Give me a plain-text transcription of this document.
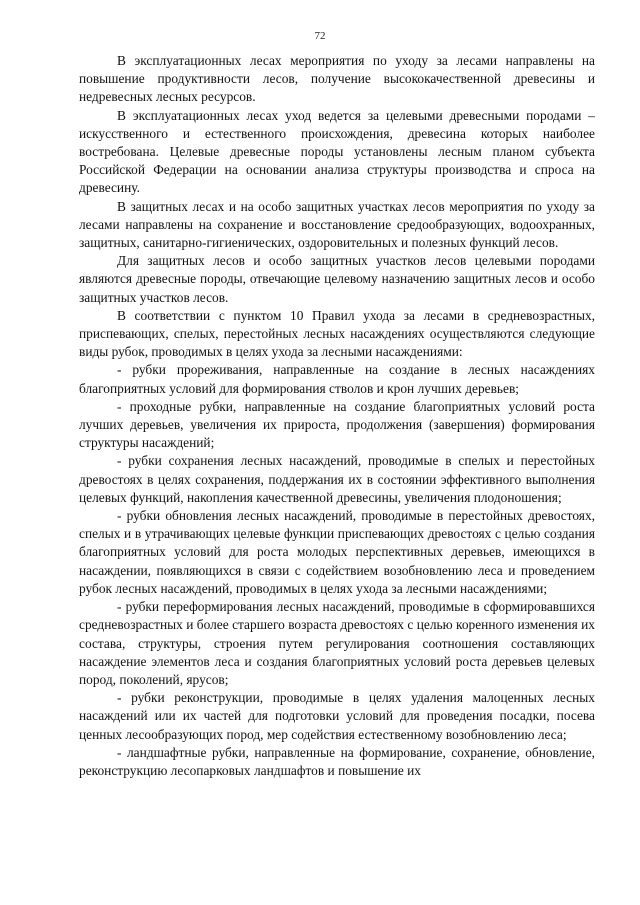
72

В эксплуатационных лесах мероприятия по уходу за лесами направлены на повышение продуктивности лесов, получение высококачественной древесины и недревесных лесных ресурсов.

В эксплуатационных лесах уход ведется за целевыми древесными породами – искусственного и естественного происхождения, древесина которых наиболее востребована. Целевые древесные породы установлены лесным планом субъекта Российской Федерации на основании анализа структуры производства и спроса на древесину.

В защитных лесах и на особо защитных участках лесов мероприятия по уходу за лесами направлены на сохранение и восстановление средообразующих, водоохранных, защитных, санитарно-гигиенических, оздоровительных и полезных функций лесов.

Для защитных лесов и особо защитных участков лесов целевыми породами являются древесные породы, отвечающие целевому назначению защитных лесов и особо защитных участков лесов.

В соответствии с пунктом 10 Правил ухода за лесами в средневозрастных, приспевающих, спелых, перестойных лесных насаждениях осуществляются следующие виды рубок, проводимых в целях ухода за лесными насаждениями:

- рубки прореживания, направленные на создание в лесных насаждениях благоприятных условий для формирования стволов и крон лучших деревьев;

- проходные рубки, направленные на создание благоприятных условий роста лучших деревьев, увеличения их прироста, продолжения (завершения) формирования структуры насаждений;

- рубки сохранения лесных насаждений, проводимые в спелых и перестойных древостоях в целях сохранения, поддержания их в состоянии эффективного выполнения целевых функций, накопления качественной древесины, увеличения плодоношения;

- рубки обновления лесных насаждений, проводимые в перестойных древостоях, спелых и в утрачивающих целевые функции приспевающих древостоях с целью создания благоприятных условий для роста молодых перспективных деревьев, имеющихся в насаждении, появляющихся в связи с содействием возобновлению леса и проведением рубок лесных насаждений, проводимых в целях ухода за лесными насаждениями;

- рубки переформирования лесных насаждений, проводимые в сформировавшихся средневозрастных и более старшего возраста древостоях с целью коренного изменения их состава, структуры, строения путем регулирования соотношения составляющих насаждение элементов леса и создания благоприятных условий роста деревьев целевых пород, поколений, ярусов;

- рубки реконструкции, проводимые в целях удаления малоценных лесных насаждений или их частей для подготовки условий для проведения посадки, посева ценных лесообразующих пород, мер содействия естественному возобновлению леса;

- ландшафтные рубки, направленные на формирование, сохранение, обновление, реконструкцию лесопарковых ландшафтов и повышение их
